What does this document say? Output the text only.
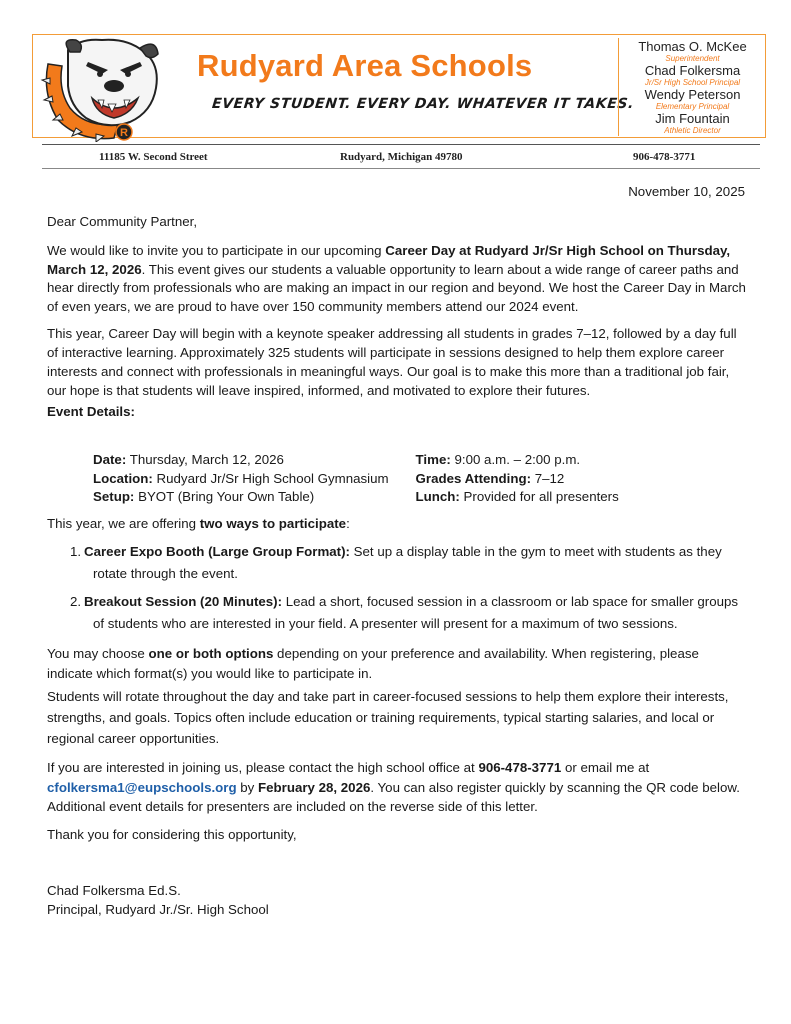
R
Rudyard Area Schools
EVERY STUDENT. EVERY DAY. WHATEVER IT TAKES.
Thomas O. McKee
Superintendent
Chad Folkersma
Jr/Sr High School Principal
Wendy Peterson
Elementary Principal
Jim Fountain
Athletic Director
11185 W. Second Street	Rudyard, Michigan 49780	906-478-3771
November 10, 2025
Dear Community Partner,
We would like to invite you to participate in our upcoming Career Day at Rudyard Jr/Sr High School on Thursday, March 12, 2026. This event gives our students a valuable opportunity to learn about a wide range of career paths and hear directly from professionals who are making an impact in our region and beyond. We host the Career Day in March of even years, we are proud to have over 150 community members attend our 2024 event.
This year, Career Day will begin with a keynote speaker addressing all students in grades 7–12, followed by a day full of interactive learning. Approximately 325 students will participate in sessions designed to help them explore career interests and connect with professionals in meaningful ways. Our goal is to make this more than a traditional job fair, our hope is that students will leave inspired, informed, and motivated to explore their futures.
Event Details:
Date: Thursday, March 12, 2026	Time: 9:00 a.m. – 2:00 p.m.
Location: Rudyard Jr/Sr High School Gymnasium	Grades Attending: 7–12
Setup: BYOT (Bring Your Own Table)	Lunch: Provided for all presenters
This year, we are offering two ways to participate:
1. Career Expo Booth (Large Group Format): Set up a display table in the gym to meet with students as they
rotate through the event.
2. Breakout Session (20 Minutes): Lead a short, focused session in a classroom or lab space for smaller groups
of students who are interested in your field. A presenter will present for a maximum of two sessions.
You may choose one or both options depending on your preference and availability. When registering, please indicate which format(s) you would like to participate in.
Students will rotate throughout the day and take part in career-focused sessions to help them explore their interests, strengths, and goals. Topics often include education or training requirements, typical starting salaries, and local or regional career opportunities.
If you are interested in joining us, please contact the high school office at 906-478-3771 or email me at cfolkersma1@eupschools.org by February 28, 2026. You can also register quickly by scanning the QR code below. Additional event details for presenters are included on the reverse side of this letter.
Thank you for considering this opportunity,
Chad Folkersma Ed.S.
Principal, Rudyard Jr./Sr. High School
